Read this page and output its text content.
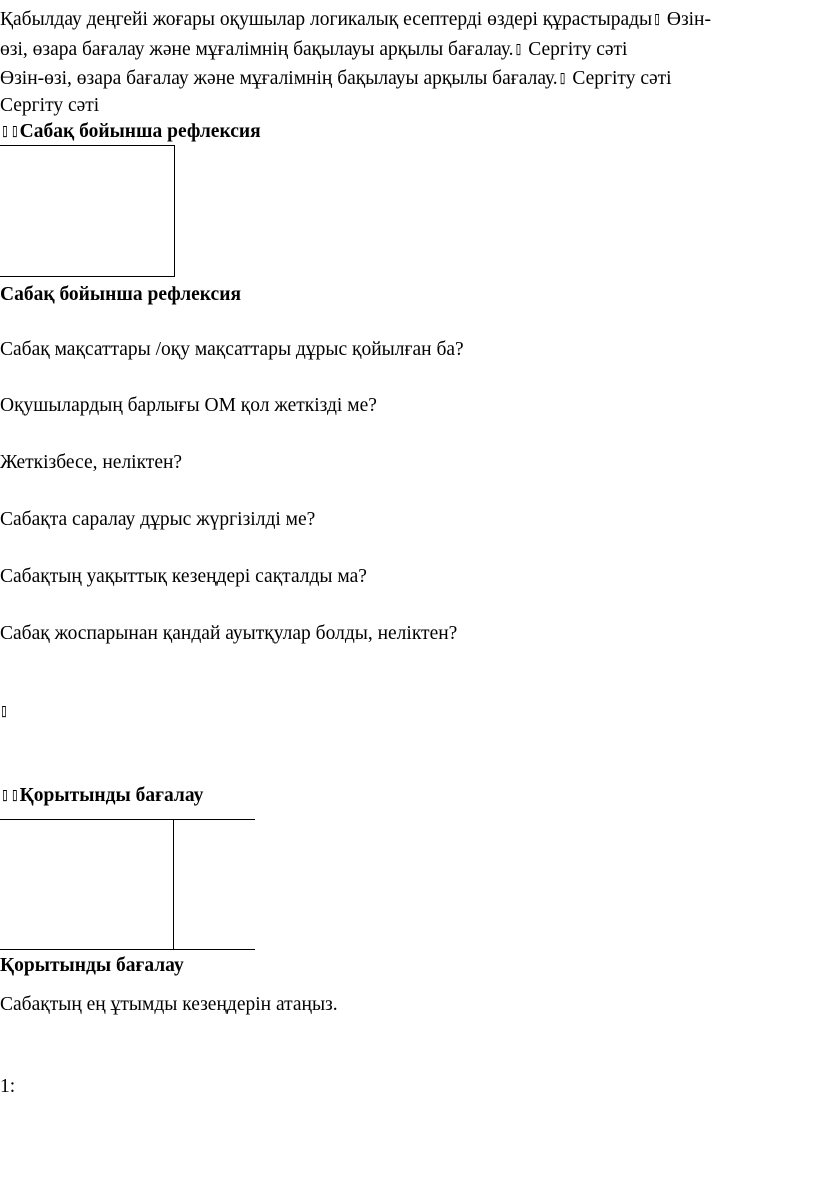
Қабылдау деңгейі жоғары оқушылар логикалық есептерді өздері құрастырады▯ Өзін-
өзі, өзара бағалау және мұғалімнің бақылауы арқылы бағалау.▯ Сергіту сәті
Өзін-өзі, өзара бағалау және мұғалімнің бақылауы арқылы бағалау.▯ Сергіту сәті
Сергіту сәті
▯ ▯Сабақ бойынша рефлексия
Сабақ бойынша рефлексия
Сабақ мақсаттары /оқу мақсаттары дұрыс қойылған ба?
Оқушылардың барлығы ОМ қол жеткізді ме?
Жеткізбесе, неліктен?
Сабақта саралау дұрыс жүргізілді ме?
Сабақтың уақыттық кезеңдері сақталды ма?
Сабақ жоспарынан қандай ауытқулар болды, неліктен?
▯
▯ ▯Қорытынды бағалау
Қорытынды бағалау
Сабақтың ең ұтымды кезеңдерін атаңыз.
1:
